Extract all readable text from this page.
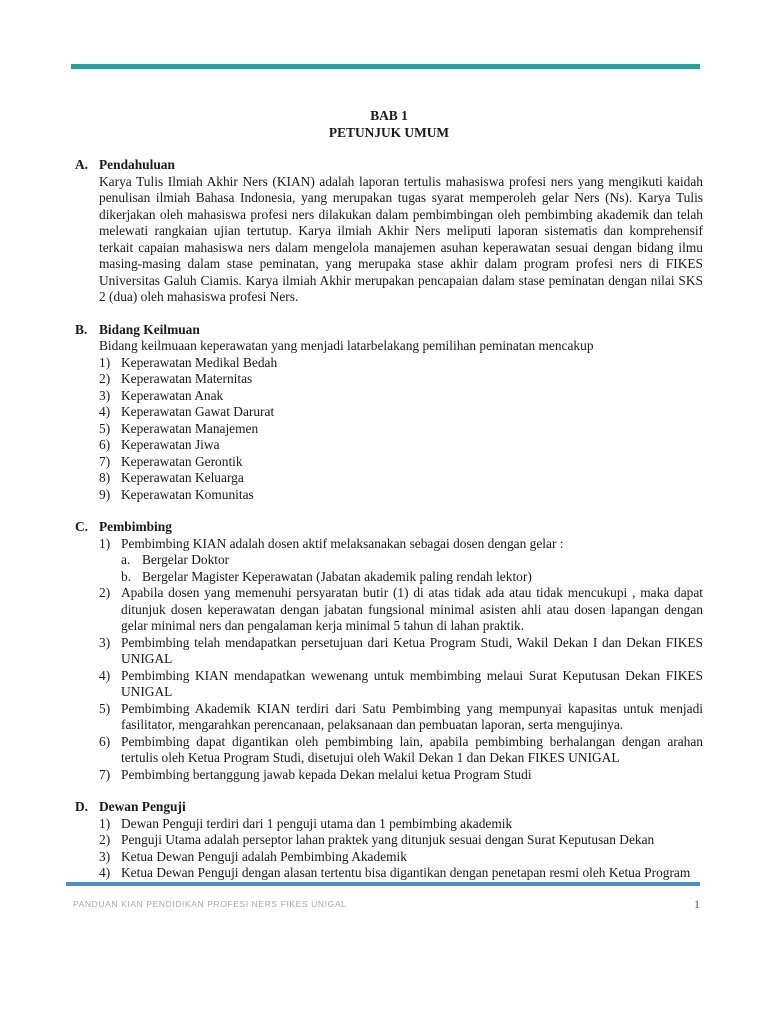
BAB 1
PETUNJUK UMUM
A. Pendahuluan
Karya Tulis Ilmiah Akhir Ners (KIAN) adalah laporan tertulis mahasiswa profesi ners yang mengikuti kaidah penulisan ilmiah Bahasa Indonesia, yang merupakan tugas syarat memperoleh gelar Ners (Ns). Karya Tulis dikerjakan oleh mahasiswa profesi ners dilakukan dalam pembimbingan oleh pembimbing akademik dan telah melewati rangkaian ujian tertutup. Karya ilmiah Akhir Ners meliputi laporan sistematis dan komprehensif terkait capaian mahasiswa ners dalam mengelola manajemen asuhan keperawatan sesuai dengan bidang ilmu masing-masing dalam stase peminatan, yang merupaka stase akhir dalam program profesi ners di FIKES Universitas Galuh Ciamis. Karya ilmiah Akhir merupakan pencapaian dalam stase peminatan dengan nilai SKS 2 (dua) oleh mahasiswa profesi Ners.
B. Bidang Keilmuan
Bidang keilmuaan keperawatan yang menjadi latarbelakang pemilihan peminatan mencakup
1) Keperawatan Medikal Bedah
2) Keperawatan Maternitas
3) Keperawatan Anak
4) Keperawatan Gawat Darurat
5) Keperawatan Manajemen
6) Keperawatan Jiwa
7) Keperawatan Gerontik
8) Keperawatan Keluarga
9) Keperawatan Komunitas
C. Pembimbing
1) Pembimbing KIAN adalah dosen aktif melaksanakan sebagai dosen dengan gelar :
a. Bergelar Doktor
b. Bergelar Magister Keperawatan (Jabatan akademik paling rendah lektor)
2) Apabila dosen yang memenuhi persyaratan butir (1) di atas tidak ada atau tidak mencukupi , maka dapat ditunjuk dosen keperawatan dengan jabatan fungsional minimal asisten ahli atau dosen lapangan dengan gelar minimal ners dan pengalaman kerja minimal 5 tahun di lahan praktik.
3) Pembimbing telah mendapatkan persetujuan dari Ketua Program Studi, Wakil Dekan I dan Dekan FIKES UNIGAL
4) Pembimbing KIAN mendapatkan wewenang untuk membimbing melaui Surat Keputusan Dekan FIKES UNIGAL
5) Pembimbing Akademik KIAN terdiri dari Satu Pembimbing yang mempunyai kapasitas untuk menjadi fasilitator, mengarahkan perencanaan, pelaksanaan dan pembuatan laporan, serta mengujinya.
6) Pembimbing dapat digantikan oleh pembimbing lain, apabila pembimbing berhalangan dengan arahan tertulis oleh Ketua Program Studi, disetujui oleh Wakil Dekan 1 dan Dekan FIKES UNIGAL
7) Pembimbing bertanggung jawab kepada Dekan melalui ketua Program Studi
D. Dewan Penguji
1) Dewan Penguji terdiri dari 1 penguji utama dan 1 pembimbing akademik
2) Penguji Utama adalah perseptor lahan praktek yang ditunjuk sesuai dengan Surat Keputusan Dekan
3) Ketua Dewan Penguji adalah Pembimbing Akademik
4) Ketua Dewan Penguji dengan alasan tertentu bisa digantikan dengan penetapan resmi oleh Ketua Program
PANDUAN KIAN PENDIDIKAN PROFESI NERS FIKES UNIGAL	1
